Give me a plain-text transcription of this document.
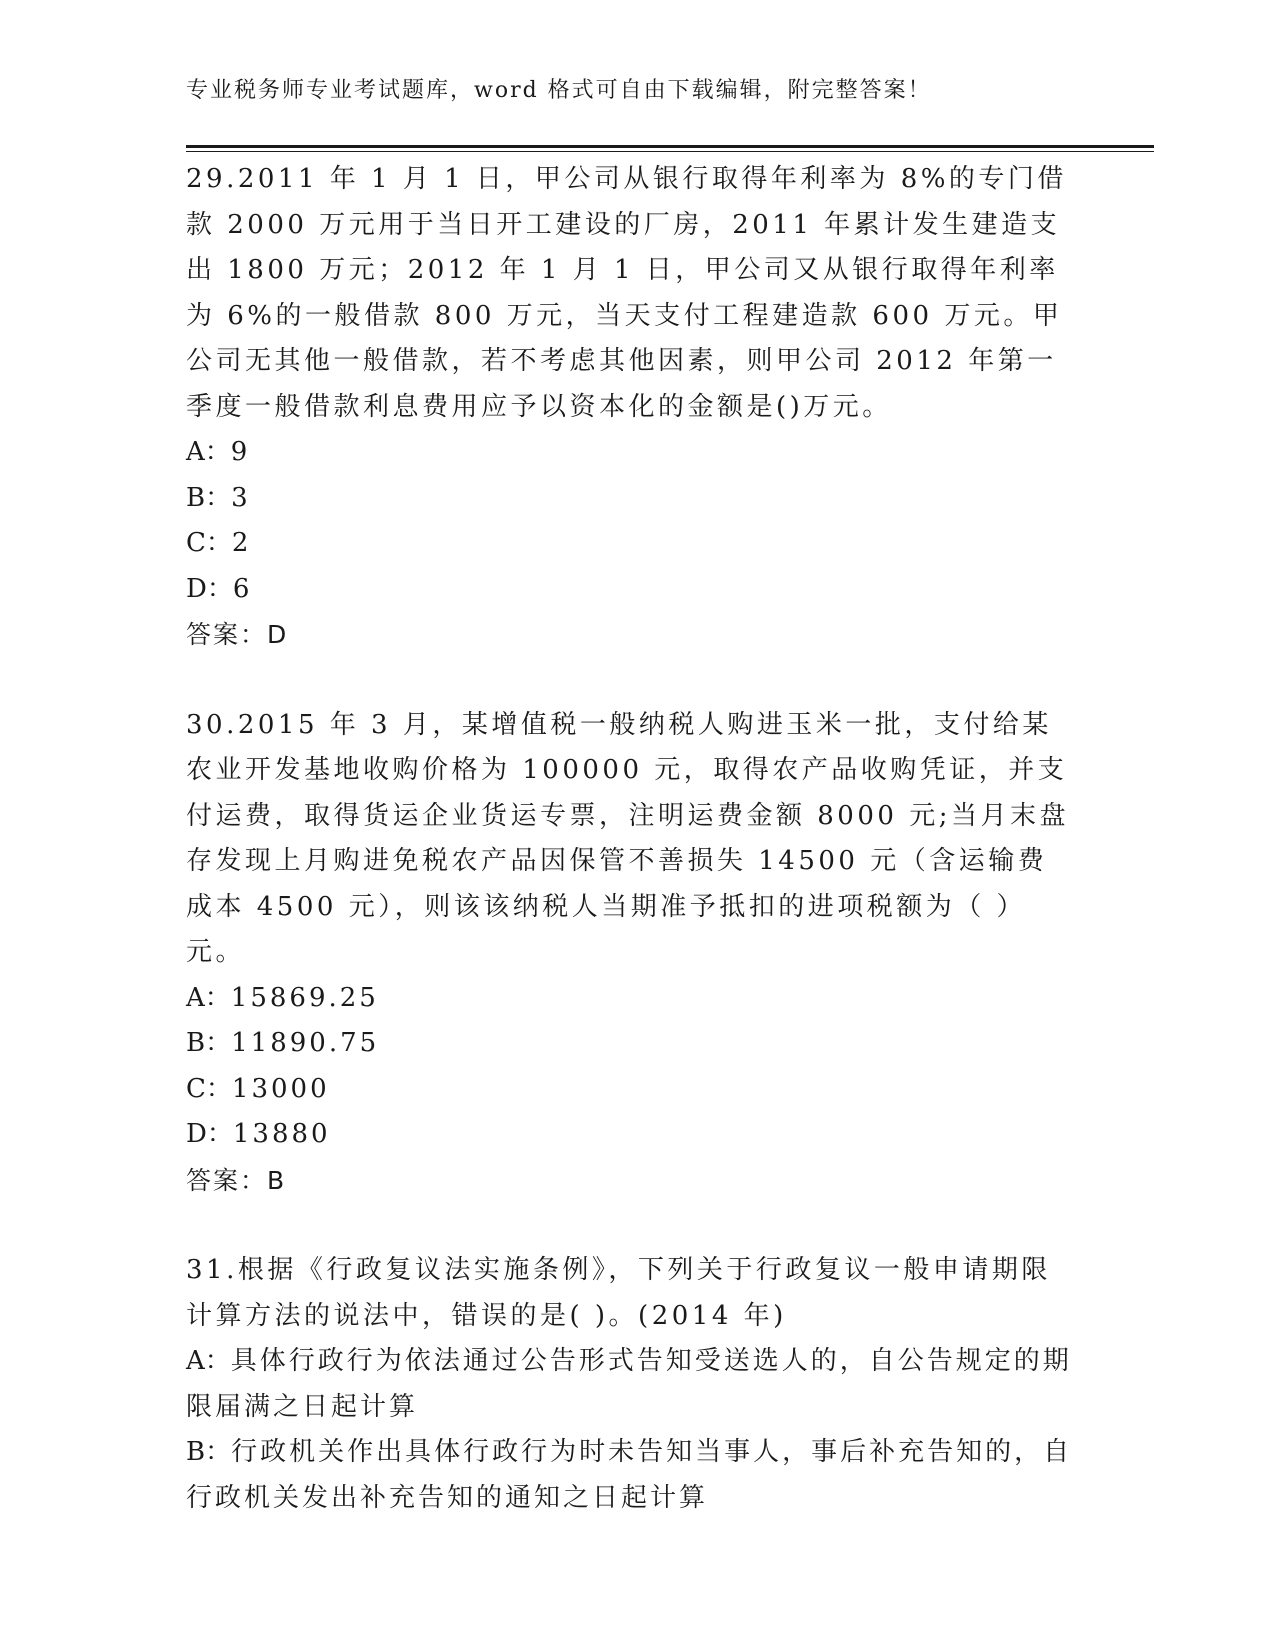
专业税务师专业考试题库，word 格式可自由下载编辑，附完整答案！

29.2011 年 1 月 1 日，甲公司从银行取得年利率为 8%的专门借款 2000 万元用于当日开工建设的厂房，2011 年累计发生建造支出 1800 万元；2012 年 1 月 1 日，甲公司又从银行取得年利率为 6%的一般借款 800 万元，当天支付工程建造款 600 万元。甲公司无其他一般借款，若不考虑其他因素，则甲公司 2012 年第一季度一般借款利息费用应予以资本化的金额是()万元。

A：9
B：3
C：2
D：6

答案：D

30.2015 年 3 月，某增值税一般纳税人购进玉米一批，支付给某农业开发基地收购价格为 100000 元，取得农产品收购凭证，并支付运费，取得货运企业货运专票，注明运费金额 8000 元;当月末盘存发现上月购进免税农产品因保管不善损失 14500 元（含运输费成本 4500 元），则该该纳税人当期准予抵扣的进项税额为（ ）元。

A：15869.25
B：11890.75
C：13000
D：13880

答案：B

31.根据《行政复议法实施条例》，下列关于行政复议一般申请期限计算方法的说法中，错误的是( )。(2014 年)

A：具体行政行为依法通过公告形式告知受送选人的，自公告规定的期限届满之日起计算
B：行政机关作出具体行政行为时未告知当事人，事后补充告知的，自行政机关发出补充告知的通知之日起计算
